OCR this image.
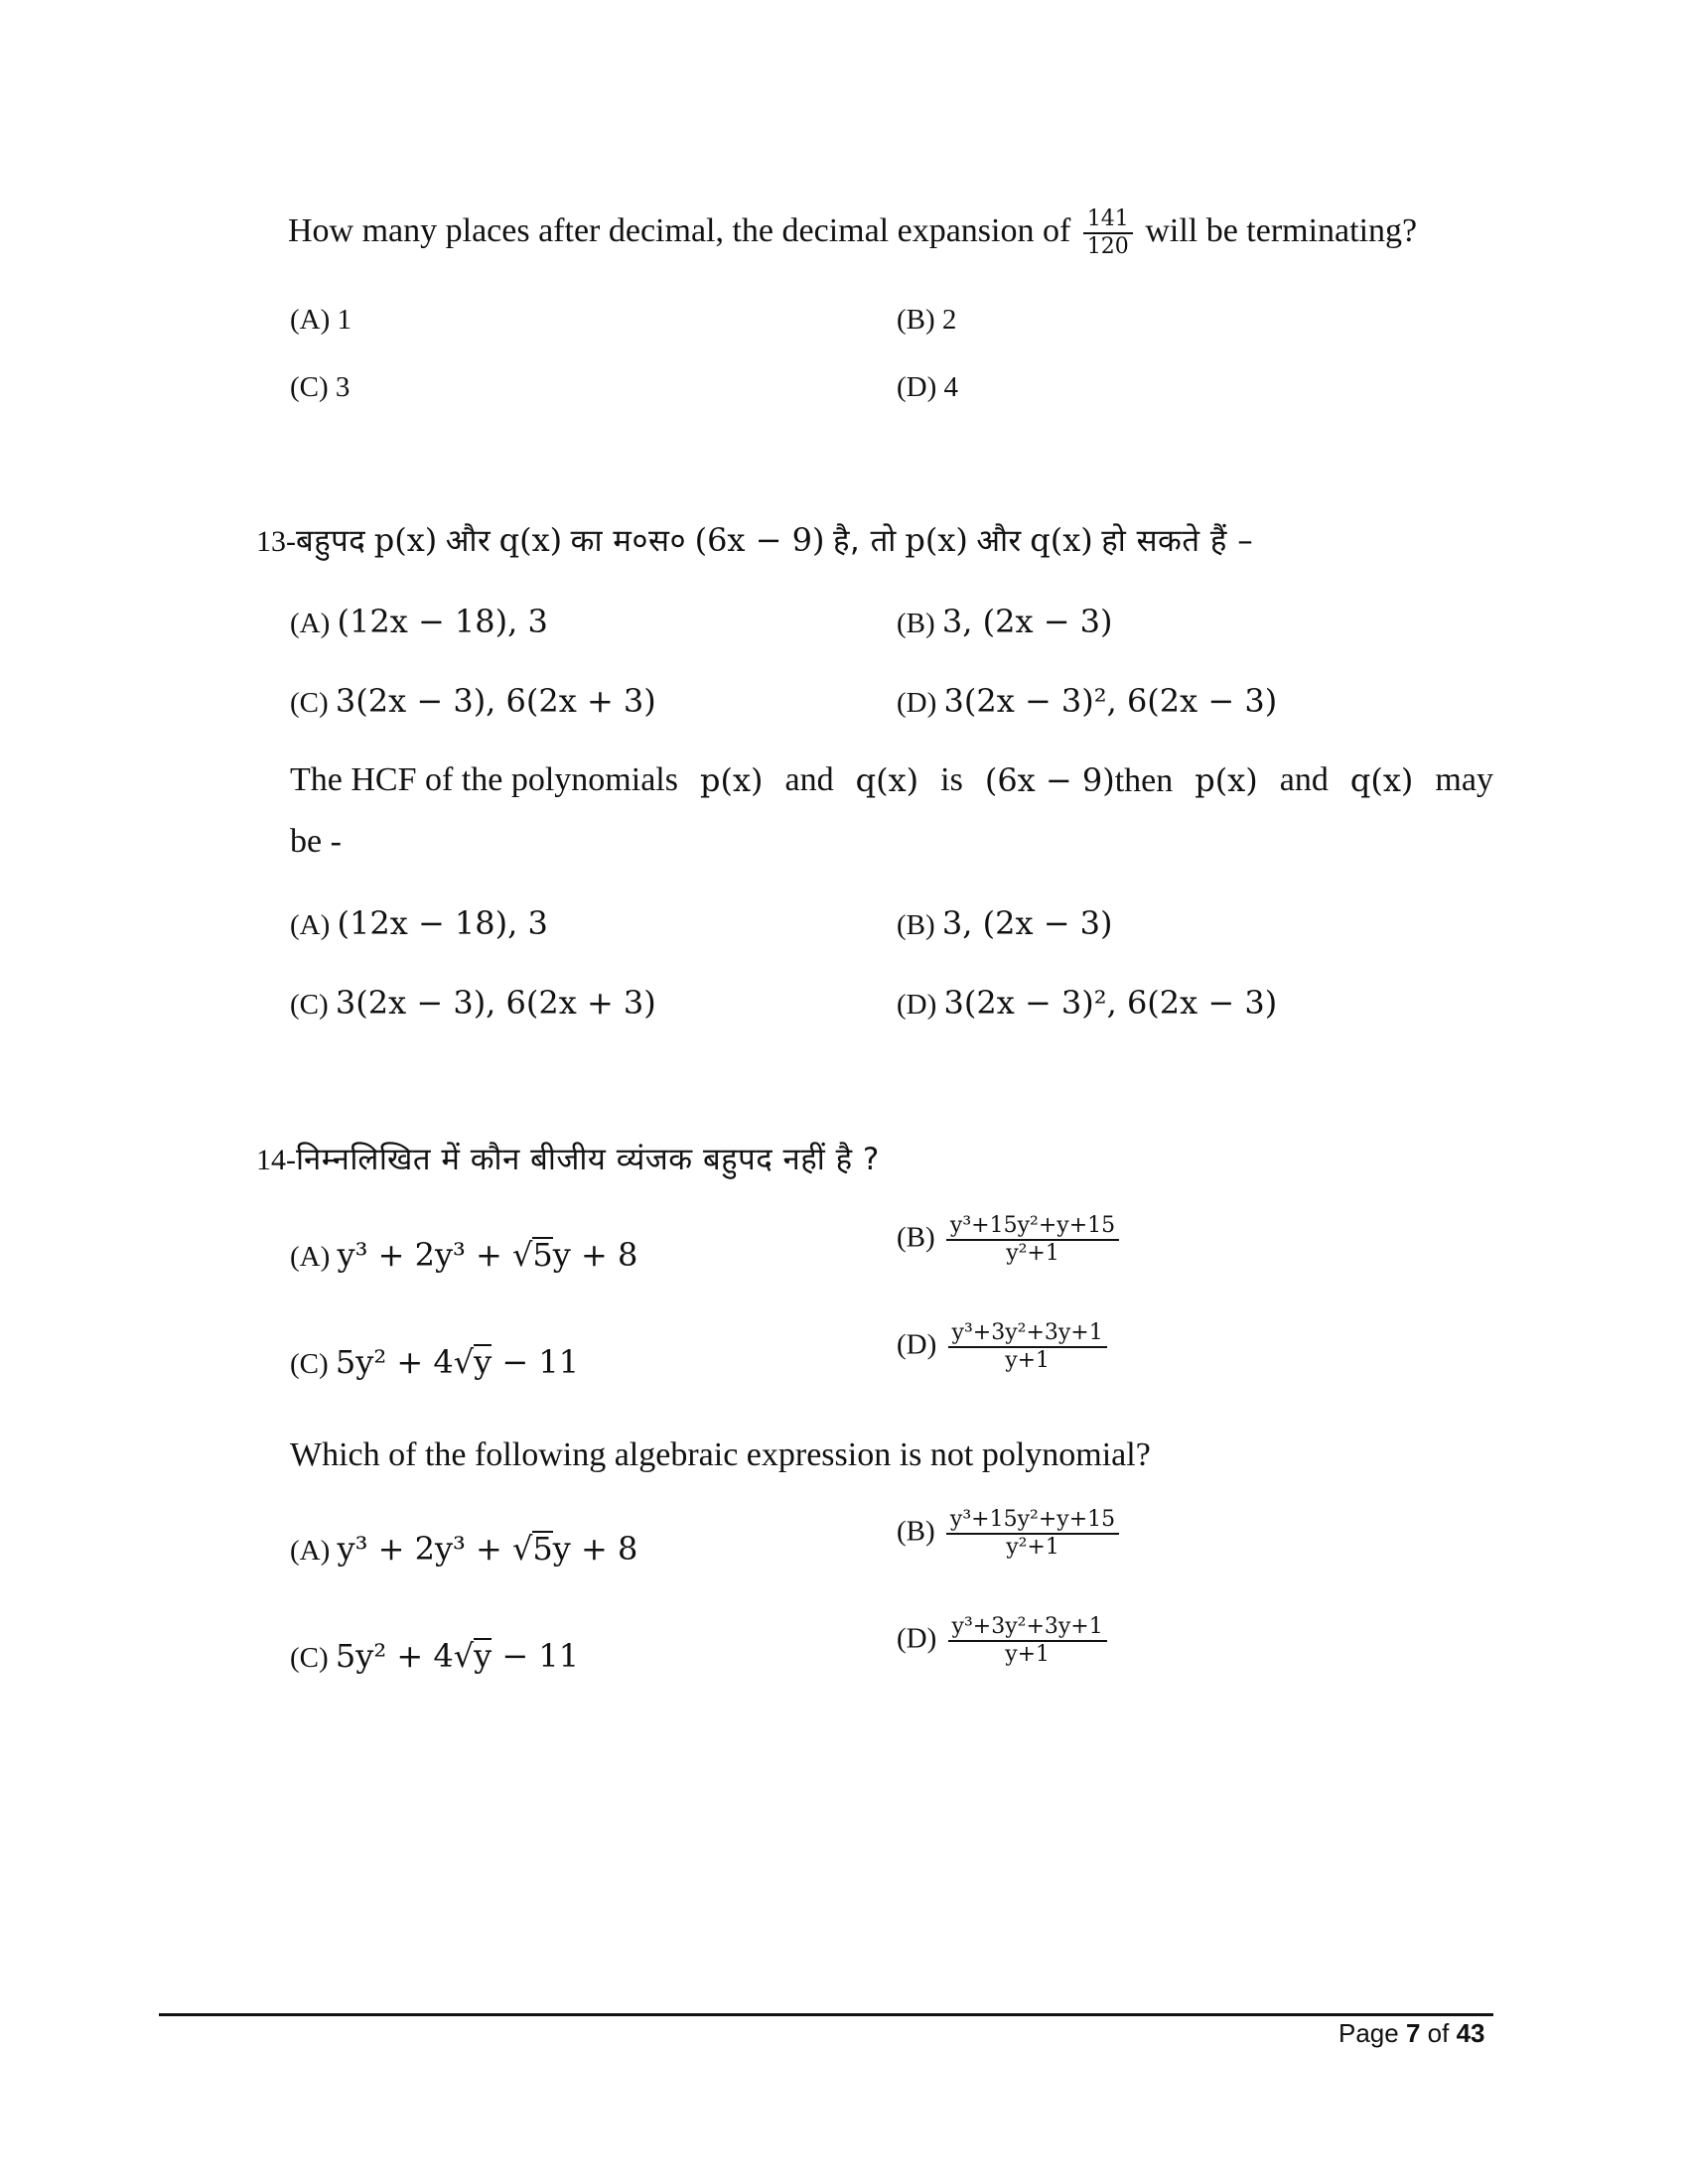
How many places after decimal, the decimal expansion of $\frac{141}{120}$ will be terminating?
(A) 1	(B) 2
(C) 3	(D) 4
13-बहुपद p(x) और q(x) का म०स० (6x − 9) है, तो p(x) और q(x) हो सकते हैं –
(A) (12x − 18), 3	(B) 3, (2x − 3)
(C) 3(2x − 3), 6(2x + 3)	(D) 3(2x − 3)², 6(2x − 3)
The HCF of the polynomials p(x) and q(x) is (6x − 9)then p(x) and q(x) may
be -
(A) (12x − 18), 3	(B) 3, (2x − 3)
(C) 3(2x − 3), 6(2x + 3)	(D) 3(2x − 3)², 6(2x − 3)
14-निम्नलिखित में कौन बीजीय व्यंजक बहुपद नहीं है ?
(A) y³ + 2y³ + √5y + 8	$(B) \frac{\text{y³+15y²+y+15}}{\text{y²+1}}$
(C) 5y² + 4√y − 11	$(D) \frac{\text{y³+3y²+3y+1}}{y+1}$
Which of the following algebraic expression is not polynomial?
(A) y³ + 2y³ + √5y + 8	$(B) \frac{\text{y³+15y²+y+15}}{\text{y²+1}}$
(C) 5y² + 4√y − 11	$(D) \frac{\text{y³+3y²+3y+1}}{y+1}$
Page 7 of 43
